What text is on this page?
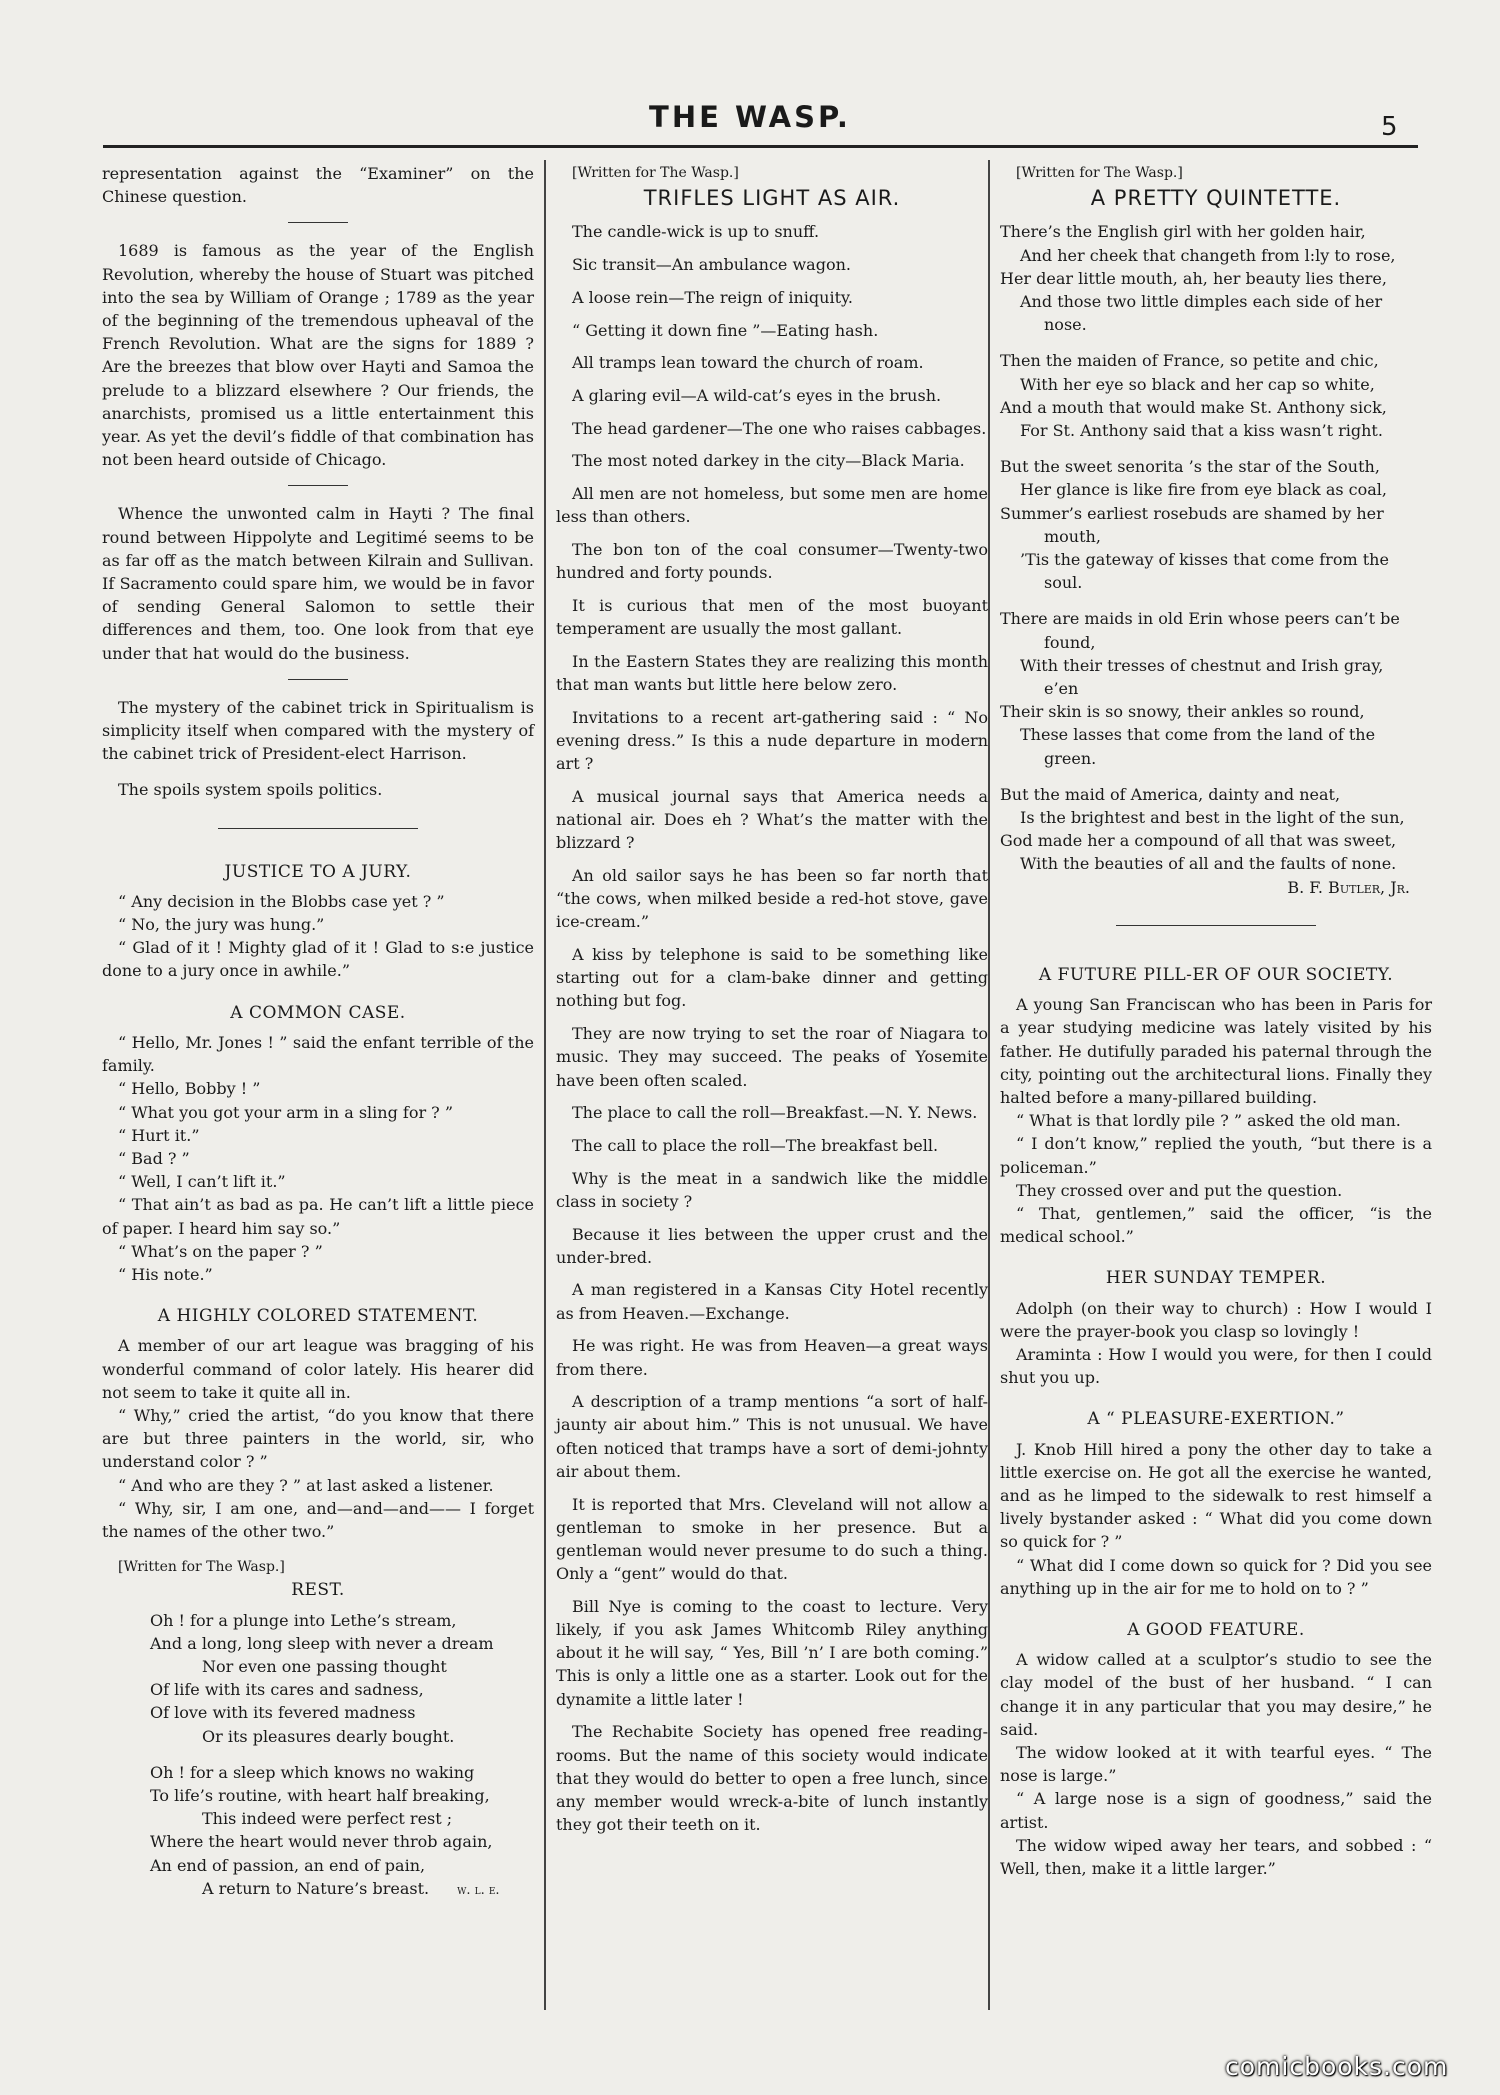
THE WASP.	5

representation against the “Examiner” on the Chinese question.

1689 is famous as the year of the English Revolution, whereby the house of Stuart was pitched into the sea by William of Orange ; 1789 as the year of the beginning of the tremendous upheaval of the French Revolution. What are the signs for 1889 ? Are the breezes that blow over Hayti and Samoa the prelude to a blizzard elsewhere ? Our friends, the anarchists, promised us a little entertainment this year. As yet the devil’s fiddle of that combination has not been heard outside of Chicago.

Whence the unwonted calm in Hayti ? The final round between Hippolyte and Legitimé seems to be as far off as the match between Kilrain and Sullivan. If Sacramento could spare him, we would be in favor of sending General Salomon to settle their differences and them, too. One look from that eye under that hat would do the business.

The mystery of the cabinet trick in Spiritualism is simplicity itself when compared with the mystery of the cabinet trick of President-elect Harrison.

The spoils system spoils politics.

JUSTICE TO A JURY.

“ Any decision in the Blobbs case yet ? ”

“ No, the jury was hung.”

“ Glad of it ! Mighty glad of it ! Glad to s:e justice done to a jury once in awhile.”

A COMMON CASE.

“ Hello, Mr. Jones ! ” said the enfant terrible of the family.

“ Hello, Bobby ! ”

“ What you got your arm in a sling for ? ”

“ Hurt it.”

“ Bad ? ”

“ Well, I can’t lift it.”

“ That ain’t as bad as pa. He can’t lift a little piece of paper. I heard him say so.”

“ What’s on the paper ? ”

“ His note.”

A HIGHLY COLORED STATEMENT.

A member of our art league was bragging of his wonderful command of color lately. His hearer did not seem to take it quite all in.

“ Why,” cried the artist, “do you know that there are but three painters in the world, sir, who understand color ? ”

“ And who are they ? ” at last asked a listener.

“ Why, sir, I am one, and—and—and—— I forget the names of the other two.”

[Written for The Wasp.]

REST.
Oh ! for a plunge into Lethe’s stream,
And a long, long sleep with never a dream
Nor even one passing thought
Of life with its cares and sadness,
Of love with its fevered madness
Or its pleasures dearly bought.
Oh ! for a sleep which knows no waking
To life’s routine, with heart half breaking,
This indeed were perfect rest ;
Where the heart would never throb again,
An end of passion, an end of pain,
A return to Nature’s breast. w. l. e.

[Written for The Wasp.]

TRIFLES LIGHT AS AIR.

The candle-wick is up to snuff.

Sic transit—An ambulance wagon.

A loose rein—The reign of iniquity.

“ Getting it down fine ”—Eating hash.

All tramps lean toward the church of roam.

A glaring evil—A wild-cat’s eyes in the brush.

The head gardener—The one who raises cabbages.

The most noted darkey in the city—Black Maria.

All men are not homeless, but some men are home less than others.

The bon ton of the coal consumer—Twenty-two hundred and forty pounds.

It is curious that men of the most buoyant temperament are usually the most gallant.

In the Eastern States they are realizing this month that man wants but little here below zero.

Invitations to a recent art-gathering said : “ No evening dress.” Is this a nude departure in modern art ?

A musical journal says that America needs a national air. Does eh ? What’s the matter with the blizzard ?

An old sailor says he has been so far north that “the cows, when milked beside a red-hot stove, gave ice-cream.”

A kiss by telephone is said to be something like starting out for a clam-bake dinner and getting nothing but fog.

They are now trying to set the roar of Niagara to music. They may succeed. The peaks of Yosemite have been often scaled.

The place to call the roll—Breakfast.—N. Y. News.

The call to place the roll—The breakfast bell.

Why is the meat in a sandwich like the middle class in society ?

Because it lies between the upper crust and the under-bred.

A man registered in a Kansas City Hotel recently as from Heaven.—Exchange.

He was right. He was from Heaven—a great ways from there.

A description of a tramp mentions “a sort of half-jaunty air about him.” This is not unusual. We have often noticed that tramps have a sort of demi-johnty air about them.

It is reported that Mrs. Cleveland will not allow a gentleman to smoke in her presence. But a gentleman would never presume to do such a thing. Only a “gent” would do that.

Bill Nye is coming to the coast to lecture. Very likely, if you ask James Whitcomb Riley anything about it he will say, “ Yes, Bill ’n’ I are both coming.” This is only a little one as a starter. Look out for the dynamite a little later !

The Rechabite Society has opened free reading-rooms. But the name of this society would indicate that they would do better to open a free lunch, since any member would wreck-a-bite of lunch instantly they got their teeth on it.

[Written for The Wasp.]

A PRETTY QUINTETTE.
There’s the English girl with her golden hair,
And her cheek that changeth from l:ly to rose,
Her dear little mouth, ah, her beauty lies there,
And those two little dimples each side of her
nose.
Then the maiden of France, so petite and chic,
With her eye so black and her cap so white,
And a mouth that would make St. Anthony sick,
For St. Anthony said that a kiss wasn’t right.
But the sweet senorita ’s the star of the South,
Her glance is like fire from eye black as coal,
Summer’s earliest rosebuds are shamed by her
mouth,
’Tis the gateway of kisses that come from the
soul.
There are maids in old Erin whose peers can’t be
found,
With their tresses of chestnut and Irish gray,
e’en
Their skin is so snowy, their ankles so round,
These lasses that come from the land of the
green.
But the maid of America, dainty and neat,
Is the brightest and best in the light of the sun,
God made her a compound of all that was sweet,
With the beauties of all and the faults of none.
B. F. Butler, Jr.
A FUTURE PILL-ER OF OUR SOCIETY.

A young San Franciscan who has been in Paris for a year studying medicine was lately visited by his father. He dutifully paraded his paternal through the city, pointing out the architectural lions. Finally they halted before a many-pillared building.

“ What is that lordly pile ? ” asked the old man.

“ I don’t know,” replied the youth, “but there is a policeman.”

They crossed over and put the question.

“ That, gentlemen,” said the officer, “is the medical school.”

HER SUNDAY TEMPER.

Adolph (on their way to church) : How I would I were the prayer-book you clasp so lovingly !

Araminta : How I would you were, for then I could shut you up.

A “ PLEASURE-EXERTION.”

J. Knob Hill hired a pony the other day to take a little exercise on. He got all the exercise he wanted, and as he limped to the sidewalk to rest himself a lively bystander asked : “ What did you come down so quick for ? ”

“ What did I come down so quick for ? Did you see anything up in the air for me to hold on to ? ”

A GOOD FEATURE.

A widow called at a sculptor’s studio to see the clay model of the bust of her husband. “ I can change it in any particular that you may desire,” he said.

The widow looked at it with tearful eyes. “ The nose is large.”

“ A large nose is a sign of goodness,” said the artist.

The widow wiped away her tears, and sobbed : “ Well, then, make it a little larger.”

comicbooks.com
